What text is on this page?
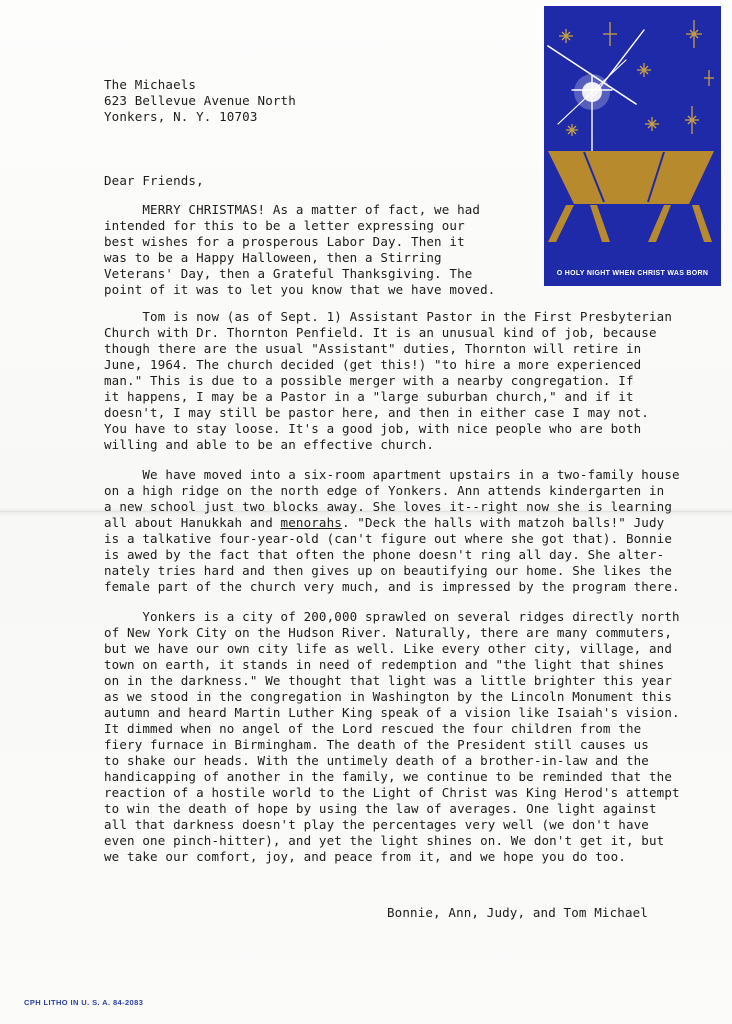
O HOLY NIGHT WHEN CHRIST WAS BORN
The Michaels
623 Bellevue Avenue North
Yonkers, N. Y. 10703
Dear Friends,
MERRY CHRISTMAS! As a matter of fact, we had
intended for this to be a letter expressing our
best wishes for a prosperous Labor Day. Then it
was to be a Happy Halloween, then a Stirring
Veterans' Day, then a Grateful Thanksgiving. The
point of it was to let you know that we have moved.
Tom is now (as of Sept. 1) Assistant Pastor in the First Presbyterian
Church with Dr. Thornton Penfield. It is an unusual kind of job, because
though there are the usual "Assistant" duties, Thornton will retire in
June, 1964. The church decided (get this!) "to hire a more experienced
man." This is due to a possible merger with a nearby congregation. If
it happens, I may be a Pastor in a "large suburban church," and if it
doesn't, I may still be pastor here, and then in either case I may not.
You have to stay loose. It's a good job, with nice people who are both
willing and able to be an effective church.
We have moved into a six-room apartment upstairs in a two-family house
on a high ridge on the north edge of Yonkers. Ann attends kindergarten in
a new school just two blocks away. She loves it--right now she is learning
all about Hanukkah and menorahs. "Deck the halls with matzoh balls!" Judy
is a talkative four-year-old (can't figure out where she got that). Bonnie
is awed by the fact that often the phone doesn't ring all day. She alter-
nately tries hard and then gives up on beautifying our home. She likes the
female part of the church very much, and is impressed by the program there.
Yonkers is a city of 200,000 sprawled on several ridges directly north
of New York City on the Hudson River. Naturally, there are many commuters,
but we have our own city life as well. Like every other city, village, and
town on earth, it stands in need of redemption and "the light that shines
on in the darkness." We thought that light was a little brighter this year
as we stood in the congregation in Washington by the Lincoln Monument this
autumn and heard Martin Luther King speak of a vision like Isaiah's vision.
It dimmed when no angel of the Lord rescued the four children from the
fiery furnace in Birmingham. The death of the President still causes us
to shake our heads. With the untimely death of a brother-in-law and the
handicapping of another in the family, we continue to be reminded that the
reaction of a hostile world to the Light of Christ was King Herod's attempt
to win the death of hope by using the law of averages. One light against
all that darkness doesn't play the percentages very well (we don't have
even one pinch-hitter), and yet the light shines on. We don't get it, but
we take our comfort, joy, and peace from it, and we hope you do too.
Bonnie, Ann, Judy, and Tom Michael
CPH LITHO IN U. S. A. 84-2083
